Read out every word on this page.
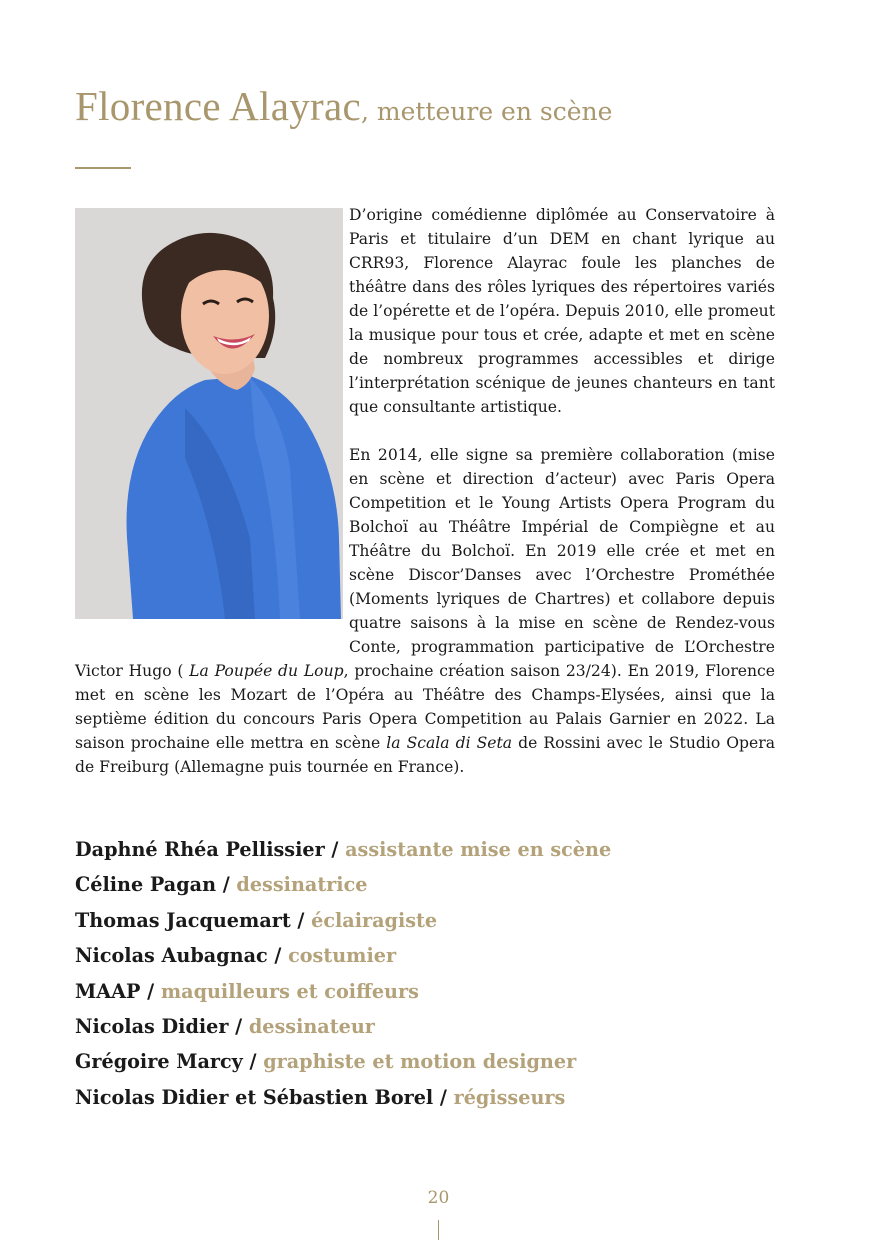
Florence Alayrac, metteure en scène

D’origine comédienne diplômée au Conservatoire à Paris et titulaire d’un DEM en chant lyrique au CRR93, Florence Alayrac foule les planches de théâtre dans des rôles lyriques des répertoires variés de l’opérette et de l’opéra. Depuis 2010, elle promeut la musique pour tous et crée, adapte et met en scène de nombreux programmes accessibles et dirige l’interprétation scénique de jeunes chanteurs en tant que consultante artistique.

En 2014, elle signe sa première collaboration (mise en scène et direction d’acteur) avec Paris Opera Competition et le Young Artists Opera Program du Bolchoï au Théâtre Impérial de Compiègne et au Théâtre du Bolchoï. En 2019 elle crée et met en scène Discor’Danses avec l’Orchestre Prométhée (Moments lyriques de Chartres) et collabore depuis quatre saisons à la mise en scène de Rendez-vous Conte, programmation participative de L’Orchestre Victor Hugo ( La Poupée du Loup, prochaine création saison 23/24). En 2019, Florence met en scène les Mozart de l’Opéra au Théâtre des Champs-Elysées, ainsi que la septième édition du concours Paris Opera Competition au Palais Garnier en 2022. La saison prochaine elle mettra en scène la Scala di Seta de Rossini avec le Studio Opera de Freiburg (Allemagne puis tournée en France).

Daphné Rhéa Pellissier / assistante mise en scène
Céline Pagan / dessinatrice
Thomas Jacquemart / éclairagiste
Nicolas Aubagnac / costumier
MAAP / maquilleurs et coiffeurs
Nicolas Didier / dessinateur
Grégoire Marcy / graphiste et motion designer
Nicolas Didier et Sébastien Borel / régisseurs
20
